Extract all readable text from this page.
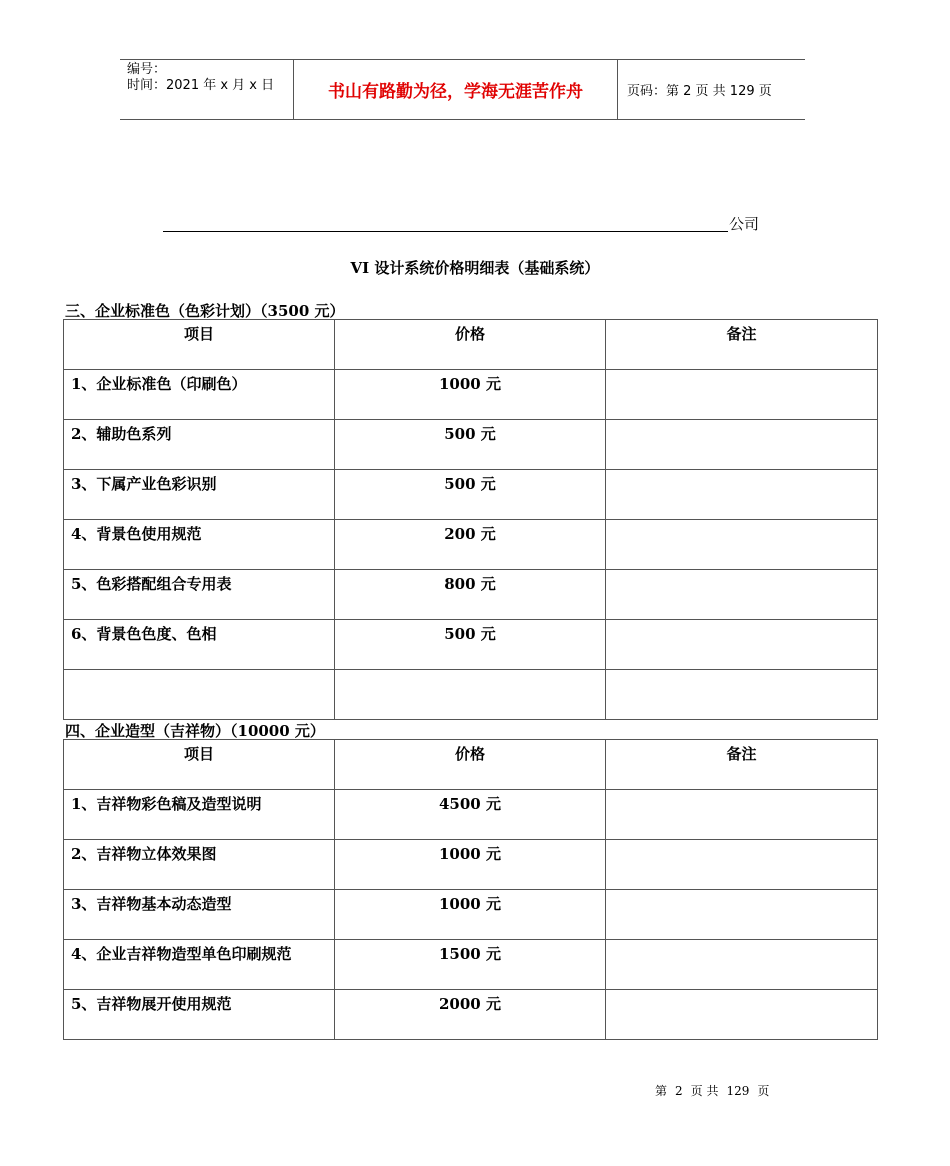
编号：
时间：2021 年 x 月 x 日	书山有路勤为径，学海无涯苦作舟	页码：第 2 页 共 129 页
公司
VI 设计系统价格明细表（基础系统）
三、企业标准色（色彩计划）（3500 元）
项目	价格	备注
1、企业标准色（印刷色）	1000 元	
2、辅助色系列	500 元	
3、下属产业色彩识别	500 元	
4、背景色使用规范	200 元	
5、色彩搭配组合专用表	800 元	
6、背景色色度、色相	500 元	

四、企业造型（吉祥物）（10000 元）
项目	价格	备注
1、吉祥物彩色稿及造型说明	4500 元	
2、吉祥物立体效果图	1000 元	
3、吉祥物基本动态造型	1000 元	
4、企业吉祥物造型单色印刷规范	1500 元	
5、吉祥物展开使用规范	2000 元	
第 2 页 共 129 页
